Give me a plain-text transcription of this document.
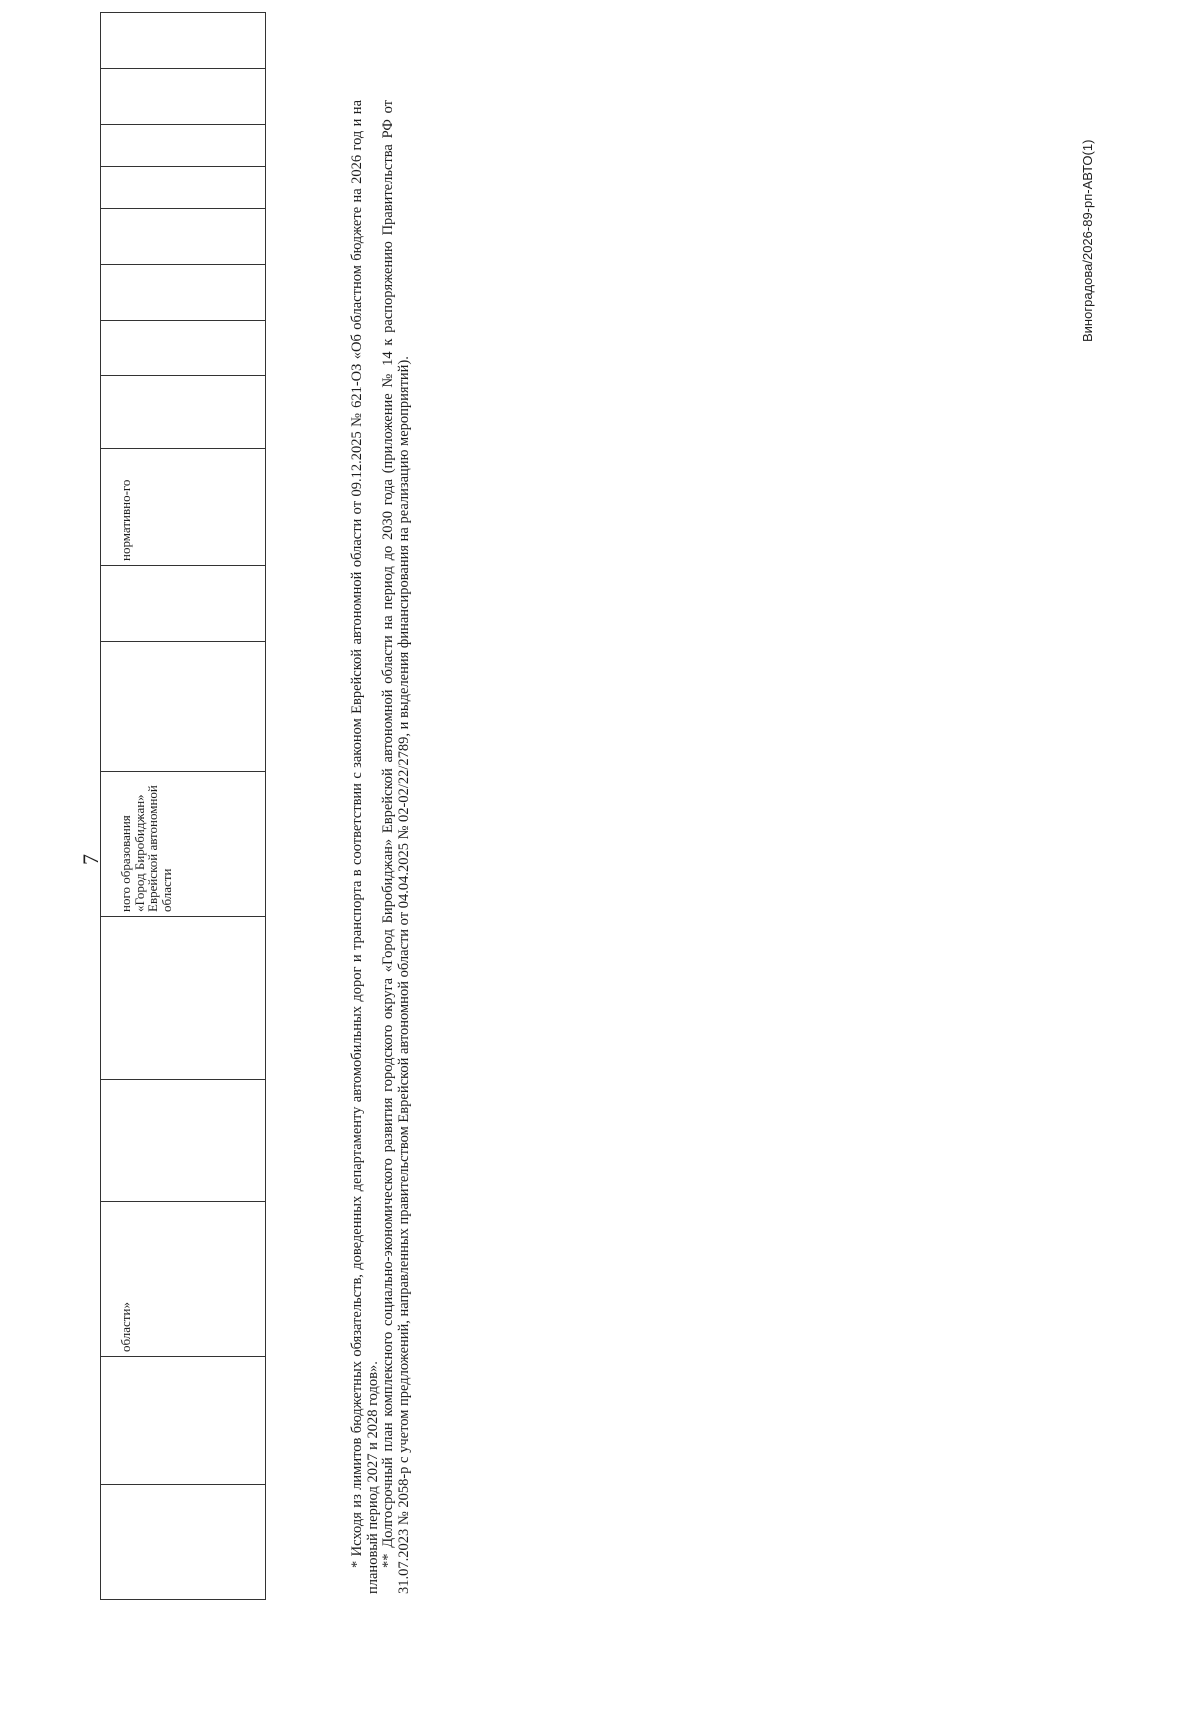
7
		области»			ного образования «Город Биробиджан» Еврейской автономной области			нормативно-го									* Исходя из лимитов бюджетных обязательств, доведенных департаменту автомобильных дорог и транспорта в соответствии с законом Еврейской автономной области от 09.12.2025 № 621-ОЗ «Об областном бюджете на 2026 год и на плановый период 2027 и 2028 годов». ** Долгосрочный план комплексного социально-экономического развития городского округа «Город Биробиджан» Еврейской автономной области на период до 2030 года (приложение № 14 к распоряжению Правительства РФ от 31.07.2023 № 2058-р с учетом предложений, направленных правительством Еврейской автономной области от 04.04.2025 № 02-02/22/2789, и выделения финансирования на реализацию мероприятий).

Виноградова/2026-89-рп-АВТО(1)
